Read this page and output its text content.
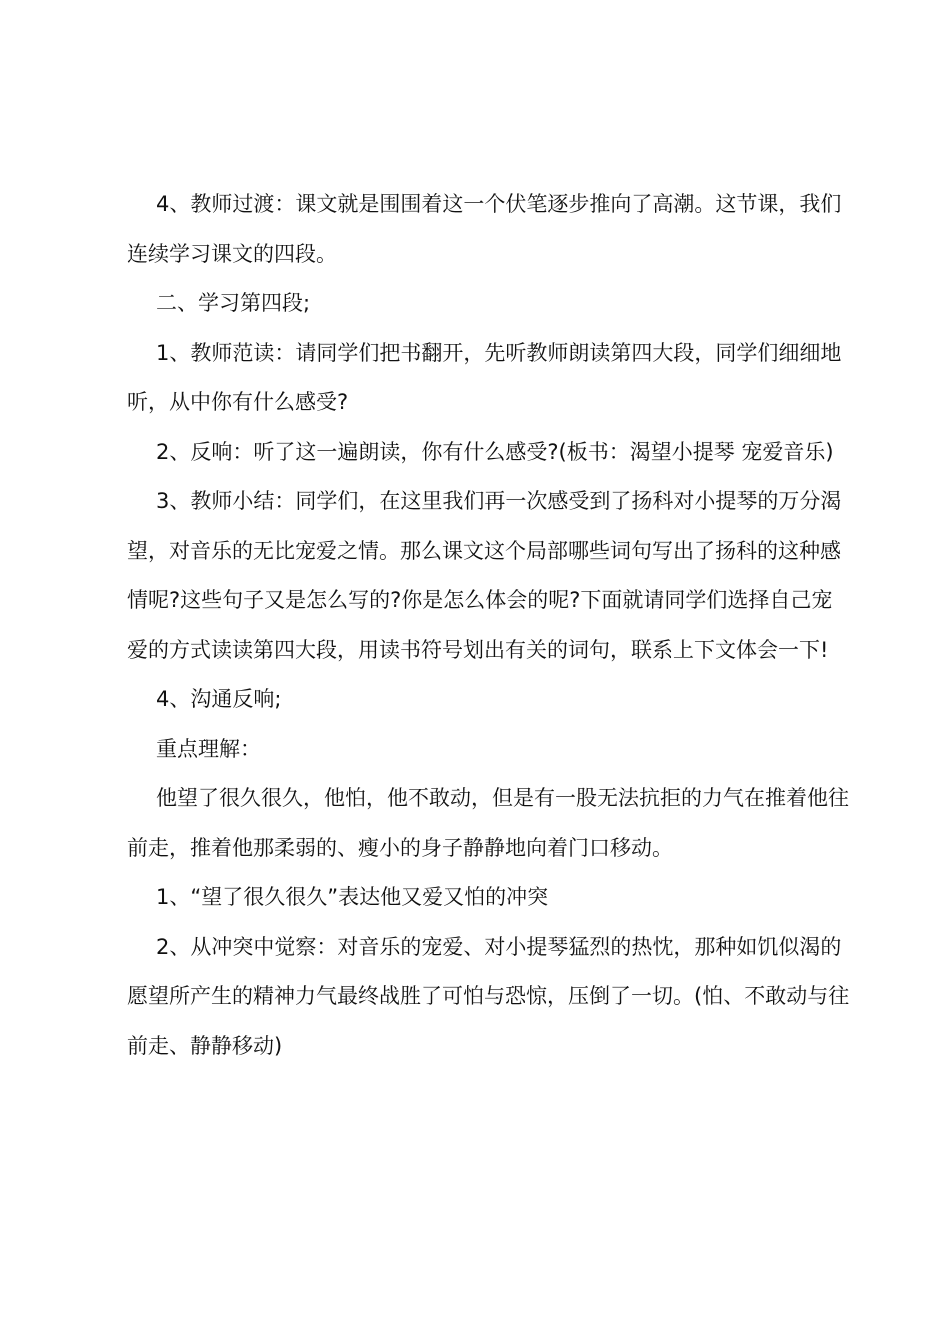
4、教师过渡：课文就是围围着这一个伏笔逐步推向了高潮。这节课，我们连续学习课文的四段。

二、学习第四段;

1、教师范读：请同学们把书翻开，先听教师朗读第四大段，同学们细细地听，从中你有什么感受?

2、反响：听了这一遍朗读，你有什么感受?(板书：渴望小提琴 宠爱音乐)

3、教师小结：同学们，在这里我们再一次感受到了扬科对小提琴的万分渴望，对音乐的无比宠爱之情。那么课文这个局部哪些词句写出了扬科的这种感情呢?这些句子又是怎么写的?你是怎么体会的呢?下面就请同学们选择自己宠爱的方式读读第四大段，用读书符号划出有关的词句，联系上下文体会一下!

4、沟通反响;

重点理解：

他望了很久很久，他怕，他不敢动，但是有一股无法抗拒的力气在推着他往前走，推着他那柔弱的、瘦小的身子静静地向着门口移动。

1、“望了很久很久”表达他又爱又怕的冲突

2、从冲突中觉察：对音乐的宠爱、对小提琴猛烈的热忱，那种如饥似渴的愿望所产生的精神力气最终战胜了可怕与恐惊，压倒了一切。(怕、不敢动与往前走、静静移动)
